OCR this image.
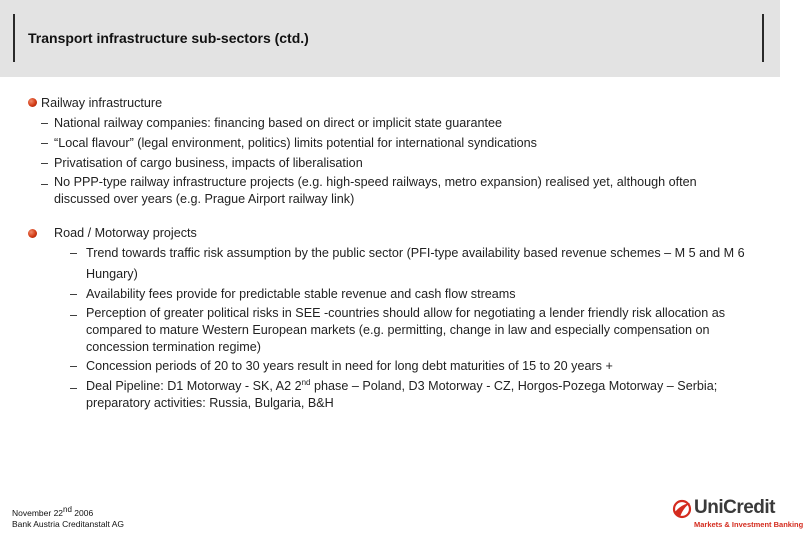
Transport infrastructure sub-sectors (ctd.)
Railway infrastructure
– National railway companies: financing based on direct or implicit state guarantee
– “Local flavour” (legal environment, politics) limits potential for international syndications
– Privatisation of cargo business, impacts of liberalisation
– No PPP-type railway infrastructure projects (e.g. high-speed railways, metro expansion) realised yet, although often discussed over years (e.g. Prague Airport railway link)
Road / Motorway projects
– Trend towards traffic risk assumption by the public sector (PFI-type availability based revenue schemes – M 5 and M 6 Hungary)
– Availability fees provide for predictable stable revenue and cash flow streams
– Perception of greater political risks in SEE -countries should allow for negotiating a lender friendly risk allocation as compared to mature Western European markets (e.g. permitting, change in law and especially compensation on concession termination regime)
– Concession periods of 20 to 30 years result in need for long debt maturities of 15 to 20 years +
– Deal Pipeline: D1 Motorway - SK, A2 2nd phase – Poland, D3 Motorway - CZ, Horgos-Pozega Motorway – Serbia; preparatory activities: Russia, Bulgaria, B&H
November 22nd 2006
Bank Austria Creditanstalt AG
UniCredit
Markets & Investment Banking
